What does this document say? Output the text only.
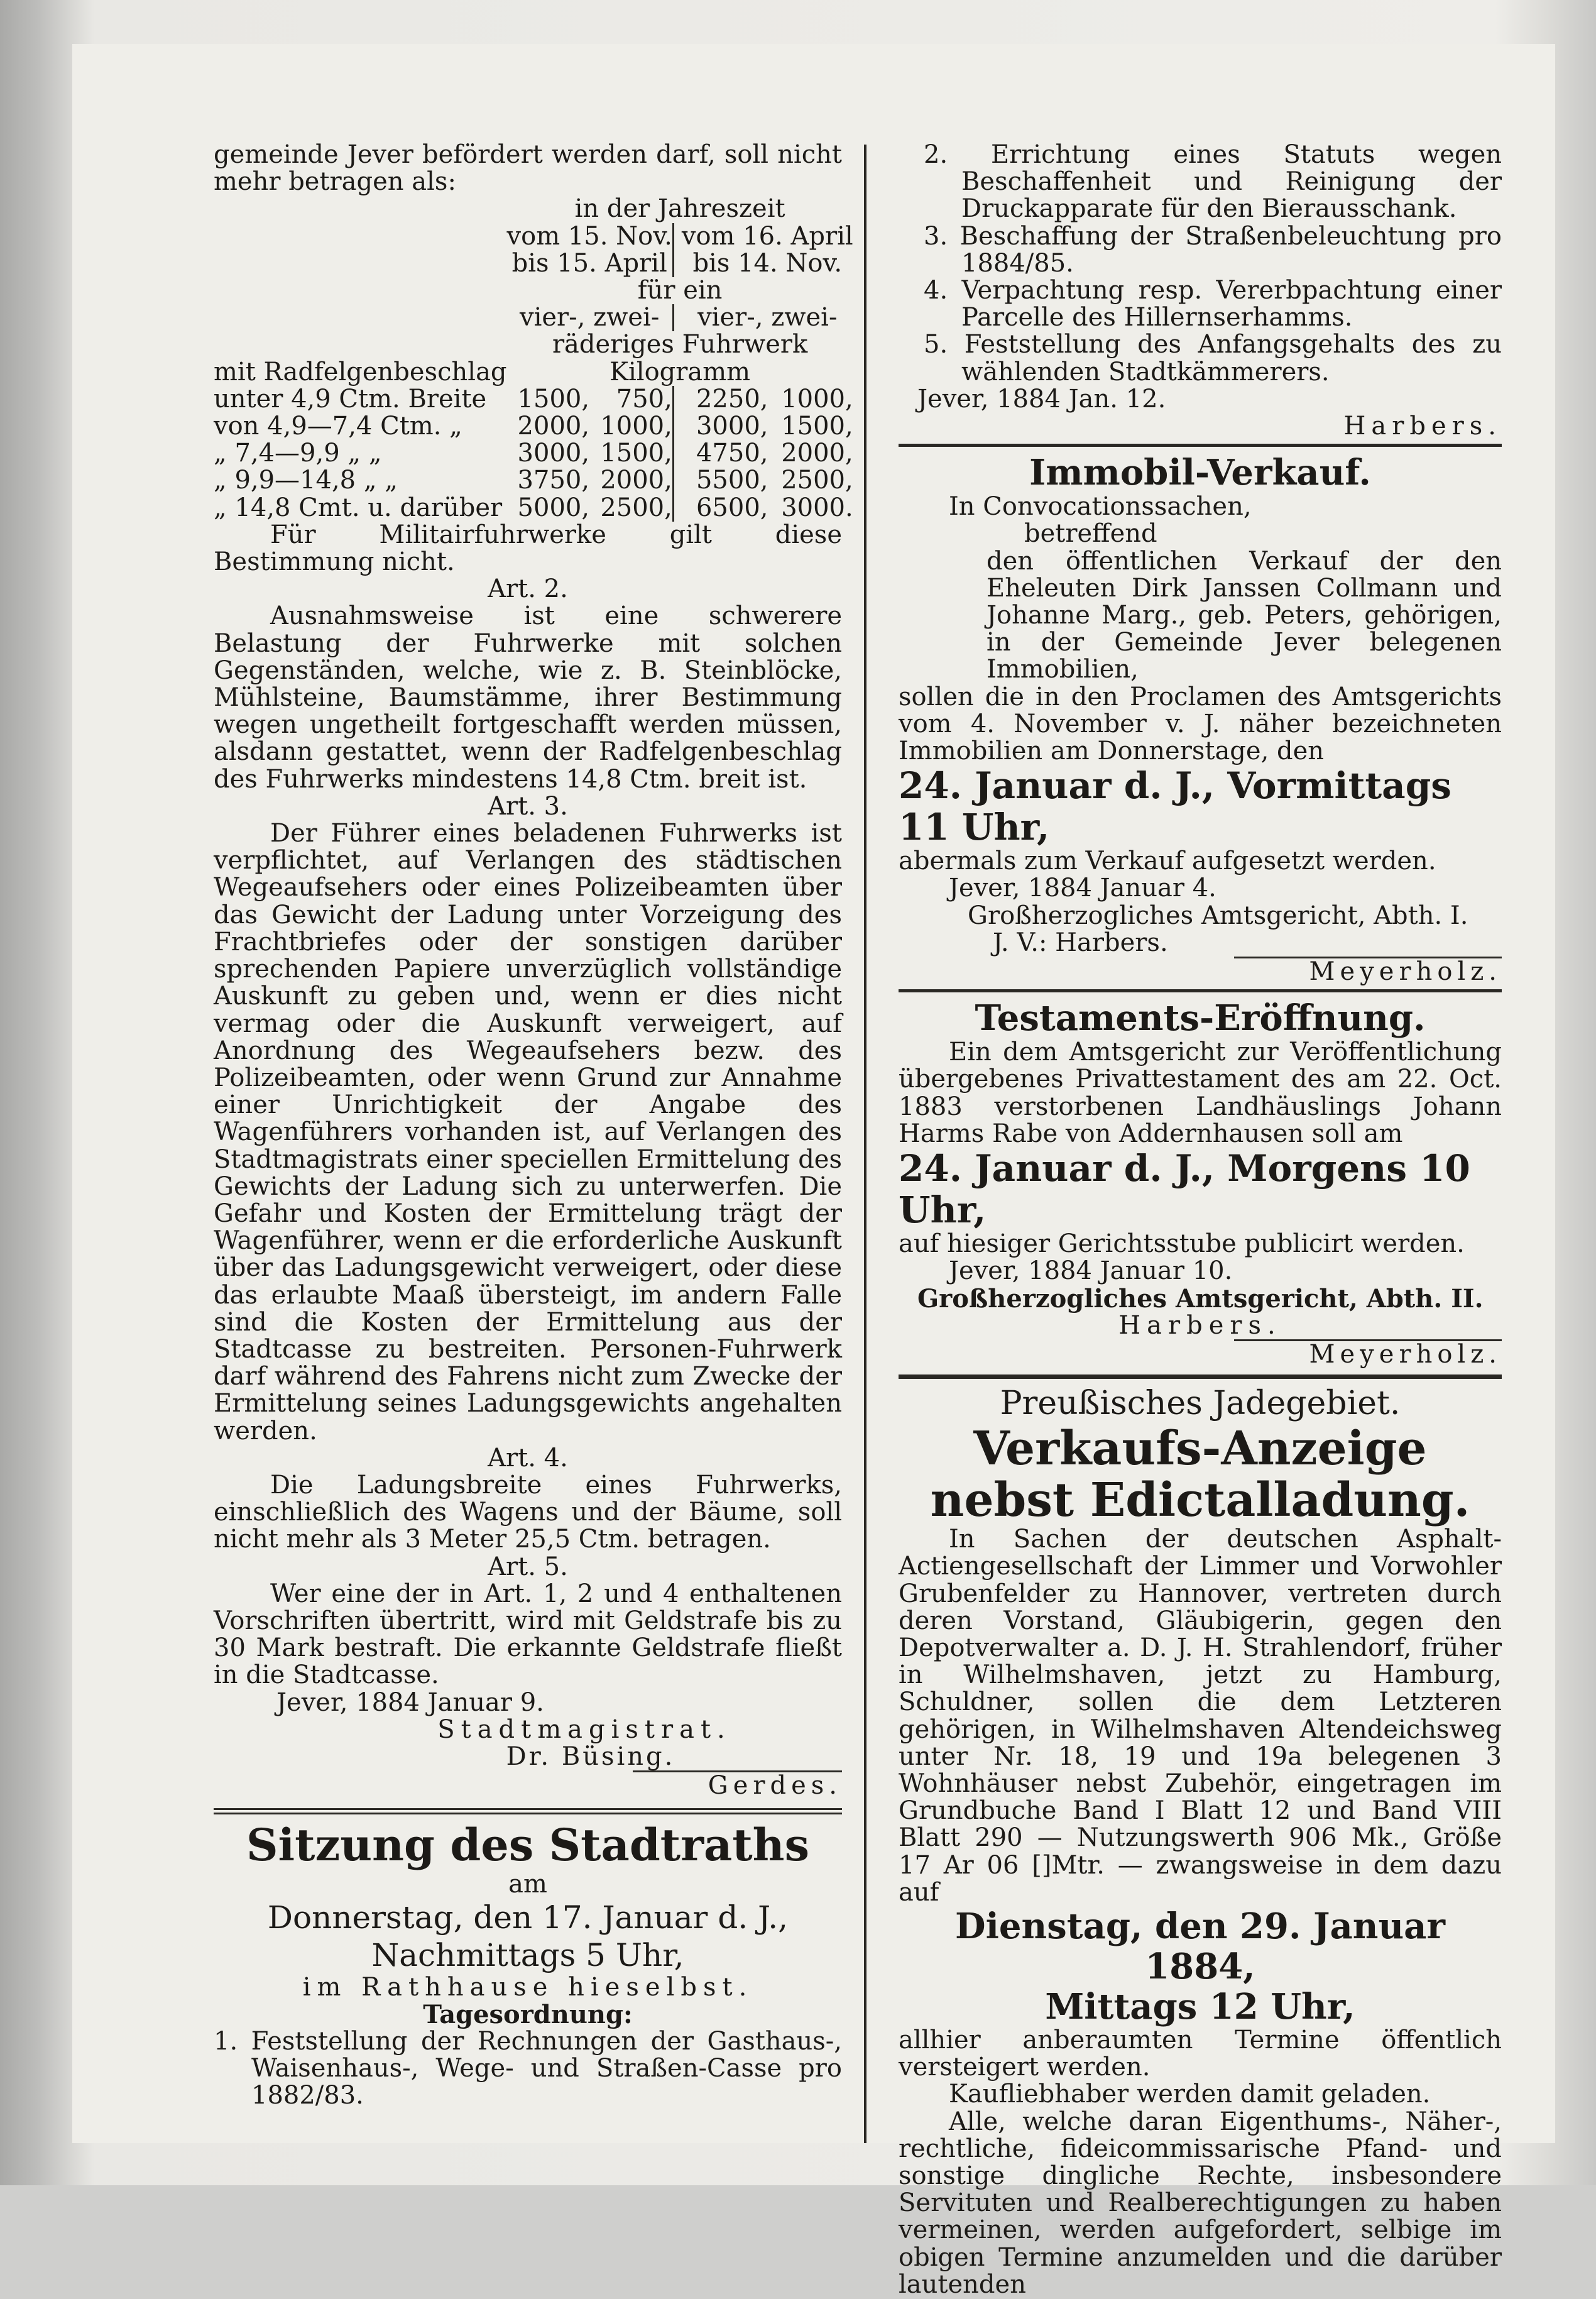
gemeinde Jever befördert werden darf, soll nicht mehr betragen als:

	in der Jahreszeit			
	vom 15. Nov.		vom 16. April	
	bis 15. April		bis 14. Nov.	
	für ein			
	vier-, zwei-		vier-, zwei-	
	räderiges Fuhrwerk			
mit Radfelgenbeschlag	Kilogramm			
unter 4,9 Ctm. Breite	1500,	750,	2250,	1000,
von 4,9—7,4 Ctm. „	2000,	1000,	3000,	1500,
„ 7,4—9,9 „ „	3000,	1500,	4750,	2000,
„ 9,9—14,8 „ „	3750,	2000,	5500,	2500,
„ 14,8 Cmt. u. darüber	5000,	2500,	6500,	3000.

Für Militairfuhrwerke gilt diese Bestimmung nicht.

Art. 2.

Ausnahmsweise ist eine schwerere Belastung der Fuhrwerke mit solchen Gegenständen, welche, wie z. B. Steinblöcke, Mühlsteine, Baumstämme, ihrer Bestimmung wegen ungetheilt fortgeschafft werden müssen, alsdann gestattet, wenn der Radfelgenbeschlag des Fuhrwerks mindestens 14,8 Ctm. breit ist.

Art. 3.

Der Führer eines beladenen Fuhrwerks ist verpflichtet, auf Verlangen des städtischen Wegeaufsehers oder eines Polizeibeamten über das Gewicht der Ladung unter Vorzeigung des Frachtbriefes oder der sonstigen darüber sprechenden Papiere unverzüglich vollständige Auskunft zu geben und, wenn er dies nicht vermag oder die Auskunft verweigert, auf Anordnung des Wegeaufsehers bezw. des Polizeibeamten, oder wenn Grund zur Annahme einer Unrichtigkeit der Angabe des Wagenführers vorhanden ist, auf Verlangen des Stadtmagistrats einer speciellen Ermittelung des Gewichts der Ladung sich zu unterwerfen. Die Gefahr und Kosten der Ermittelung trägt der Wagenführer, wenn er die erforderliche Auskunft über das Ladungsgewicht verweigert, oder diese das erlaubte Maaß übersteigt, im andern Falle sind die Kosten der Ermittelung aus der Stadtcasse zu bestreiten. Personen-Fuhrwerk darf während des Fahrens nicht zum Zwecke der Ermittelung seines Ladungsgewichts angehalten werden.

Art. 4.

Die Ladungsbreite eines Fuhrwerks, einschließlich des Wagens und der Bäume, soll nicht mehr als 3 Meter 25,5 Ctm. betragen.

Art. 5.

Wer eine der in Art. 1, 2 und 4 enthaltenen Vorschriften übertritt, wird mit Geldstrafe bis zu 30 Mark bestraft. Die erkannte Geldstrafe fließt in die Stadtcasse.

Jever, 1884 Januar 9.

Stadtmagistrat.

Dr. Büsing.

Gerdes.

Sitzung des Stadtraths

am

Donnerstag, den 17. Januar d. J.,

Nachmittags 5 Uhr,

im Rathhause hieselbst.

Tagesordnung:

1. Feststellung der Rechnungen der Gasthaus-, Waisenhaus-, Wege- und Straßen-Casse pro 1882/83.

2. Errichtung eines Statuts wegen Beschaffenheit und Reinigung der Druckapparate für den Bierausschank.

3. Beschaffung der Straßenbeleuchtung pro 1884/85.

4. Verpachtung resp. Vererbpachtung einer Parcelle des Hillernserhamms.

5. Feststellung des Anfangsgehalts des zu wählenden Stadtkämmerers.

Jever, 1884 Jan. 12.

Harbers.

Immobil-Verkauf.

In Convocationssachen,

betreffend

den öffentlichen Verkauf der den Eheleuten Dirk Janssen Collmann und Johanne Marg., geb. Peters, gehörigen, in der Gemeinde Jever belegenen Immobilien,

sollen die in den Proclamen des Amtsgerichts vom 4. November v. J. näher bezeichneten Immobilien am Donnerstage, den

24. Januar d. J., Vormittags 11 Uhr,

abermals zum Verkauf aufgesetzt werden.

Jever, 1884 Januar 4.

Großherzogliches Amtsgericht, Abth. I.

J. V.: Harbers.

Meyerholz.

Testaments-Eröffnung.

Ein dem Amtsgericht zur Veröffentlichung übergebenes Privattestament des am 22. Oct. 1883 verstorbenen Landhäuslings Johann Harms Rabe von Addernhausen soll am

24. Januar d. J., Morgens 10 Uhr,

auf hiesiger Gerichtsstube publicirt werden.

Jever, 1884 Januar 10.

Großherzogliches Amtsgericht, Abth. II.

Harbers.

Meyerholz.

Preußisches Jadegebiet.

Verkaufs-Anzeige

nebst Edictalladung.

In Sachen der deutschen Asphalt-Actiengesellschaft der Limmer und Vorwohler Grubenfelder zu Hannover, vertreten durch deren Vorstand, Gläubigerin, gegen den Depotverwalter a. D. J. H. Strahlendorf, früher in Wilhelmshaven, jetzt zu Hamburg, Schuldner, sollen die dem Letzteren gehörigen, in Wilhelmshaven Altendeichsweg unter Nr. 18, 19 und 19a belegenen 3 Wohnhäuser nebst Zubehör, eingetragen im Grundbuche Band I Blatt 12 und Band VIII Blatt 290 — Nutzungswerth 906 Mk., Größe 17 Ar 06 []Mtr. — zwangsweise in dem dazu auf

Dienstag, den 29. Januar 1884,

Mittags 12 Uhr,

allhier anberaumten Termine öffentlich versteigert werden.

Kaufliebhaber werden damit geladen.

Alle, welche daran Eigenthums-, Näher-, rechtliche, fideicommissarische Pfand- und sonstige dingliche Rechte, insbesondere Servituten und Realberechtigungen zu haben vermeinen, werden aufgefordert, selbige im obigen Termine anzumelden und die darüber lautenden
